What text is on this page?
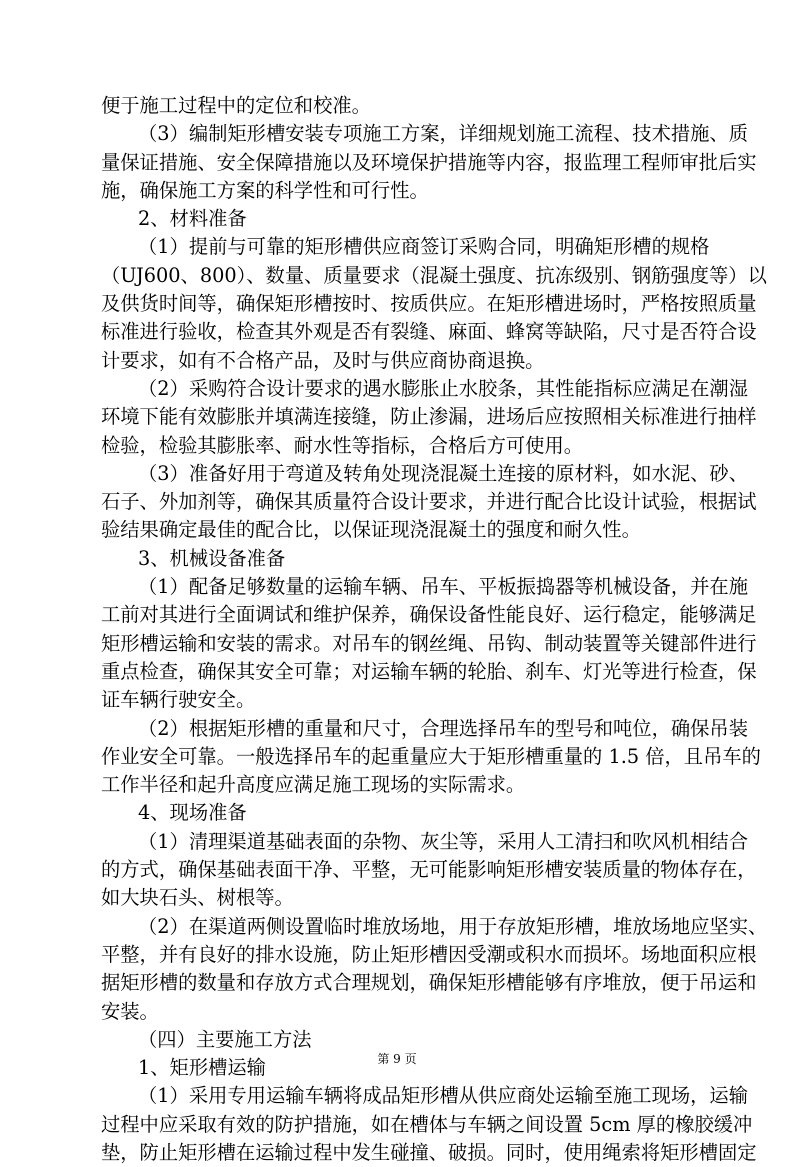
便于施工过程中的定位和校准。
（3）编制矩形槽安装专项施工方案，详细规划施工流程、技术措施、质
量保证措施、安全保障措施以及环境保护措施等内容，报监理工程师审批后实
施，确保施工方案的科学性和可行性。
2、材料准备
（1）提前与可靠的矩形槽供应商签订采购合同，明确矩形槽的规格
（UJ600、800）、数量、质量要求（混凝土强度、抗冻级别、钢筋强度等）以
及供货时间等，确保矩形槽按时、按质供应。在矩形槽进场时，严格按照质量
标准进行验收，检查其外观是否有裂缝、麻面、蜂窝等缺陷，尺寸是否符合设
计要求，如有不合格产品，及时与供应商协商退换。
（2）采购符合设计要求的遇水膨胀止水胶条，其性能指标应满足在潮湿
环境下能有效膨胀并填满连接缝，防止渗漏，进场后应按照相关标准进行抽样
检验，检验其膨胀率、耐水性等指标，合格后方可使用。
（3）准备好用于弯道及转角处现浇混凝土连接的原材料，如水泥、砂、
石子、外加剂等，确保其质量符合设计要求，并进行配合比设计试验，根据试
验结果确定最佳的配合比，以保证现浇混凝土的强度和耐久性。
3、机械设备准备
（1）配备足够数量的运输车辆、吊车、平板振捣器等机械设备，并在施
工前对其进行全面调试和维护保养，确保设备性能良好、运行稳定，能够满足
矩形槽运输和安装的需求。对吊车的钢丝绳、吊钩、制动装置等关键部件进行
重点检查，确保其安全可靠；对运输车辆的轮胎、刹车、灯光等进行检查，保
证车辆行驶安全。
（2）根据矩形槽的重量和尺寸，合理选择吊车的型号和吨位，确保吊装
作业安全可靠。一般选择吊车的起重量应大于矩形槽重量的 1.5 倍，且吊车的
工作半径和起升高度应满足施工现场的实际需求。
4、现场准备
（1）清理渠道基础表面的杂物、灰尘等，采用人工清扫和吹风机相结合
的方式，确保基础表面干净、平整，无可能影响矩形槽安装质量的物体存在，
如大块石头、树根等。
（2）在渠道两侧设置临时堆放场地，用于存放矩形槽，堆放场地应坚实、
平整，并有良好的排水设施，防止矩形槽因受潮或积水而损坏。场地面积应根
据矩形槽的数量和存放方式合理规划，确保矩形槽能够有序堆放，便于吊运和
安装。
（四）主要施工方法
1、矩形槽运输
（1）采用专用运输车辆将成品矩形槽从供应商处运输至施工现场，运输
过程中应采取有效的防护措施，如在槽体与车辆之间设置 5cm 厚的橡胶缓冲
垫，防止矩形槽在运输过程中发生碰撞、破损。同时，使用绳索将矩形槽固定
第 9 页
